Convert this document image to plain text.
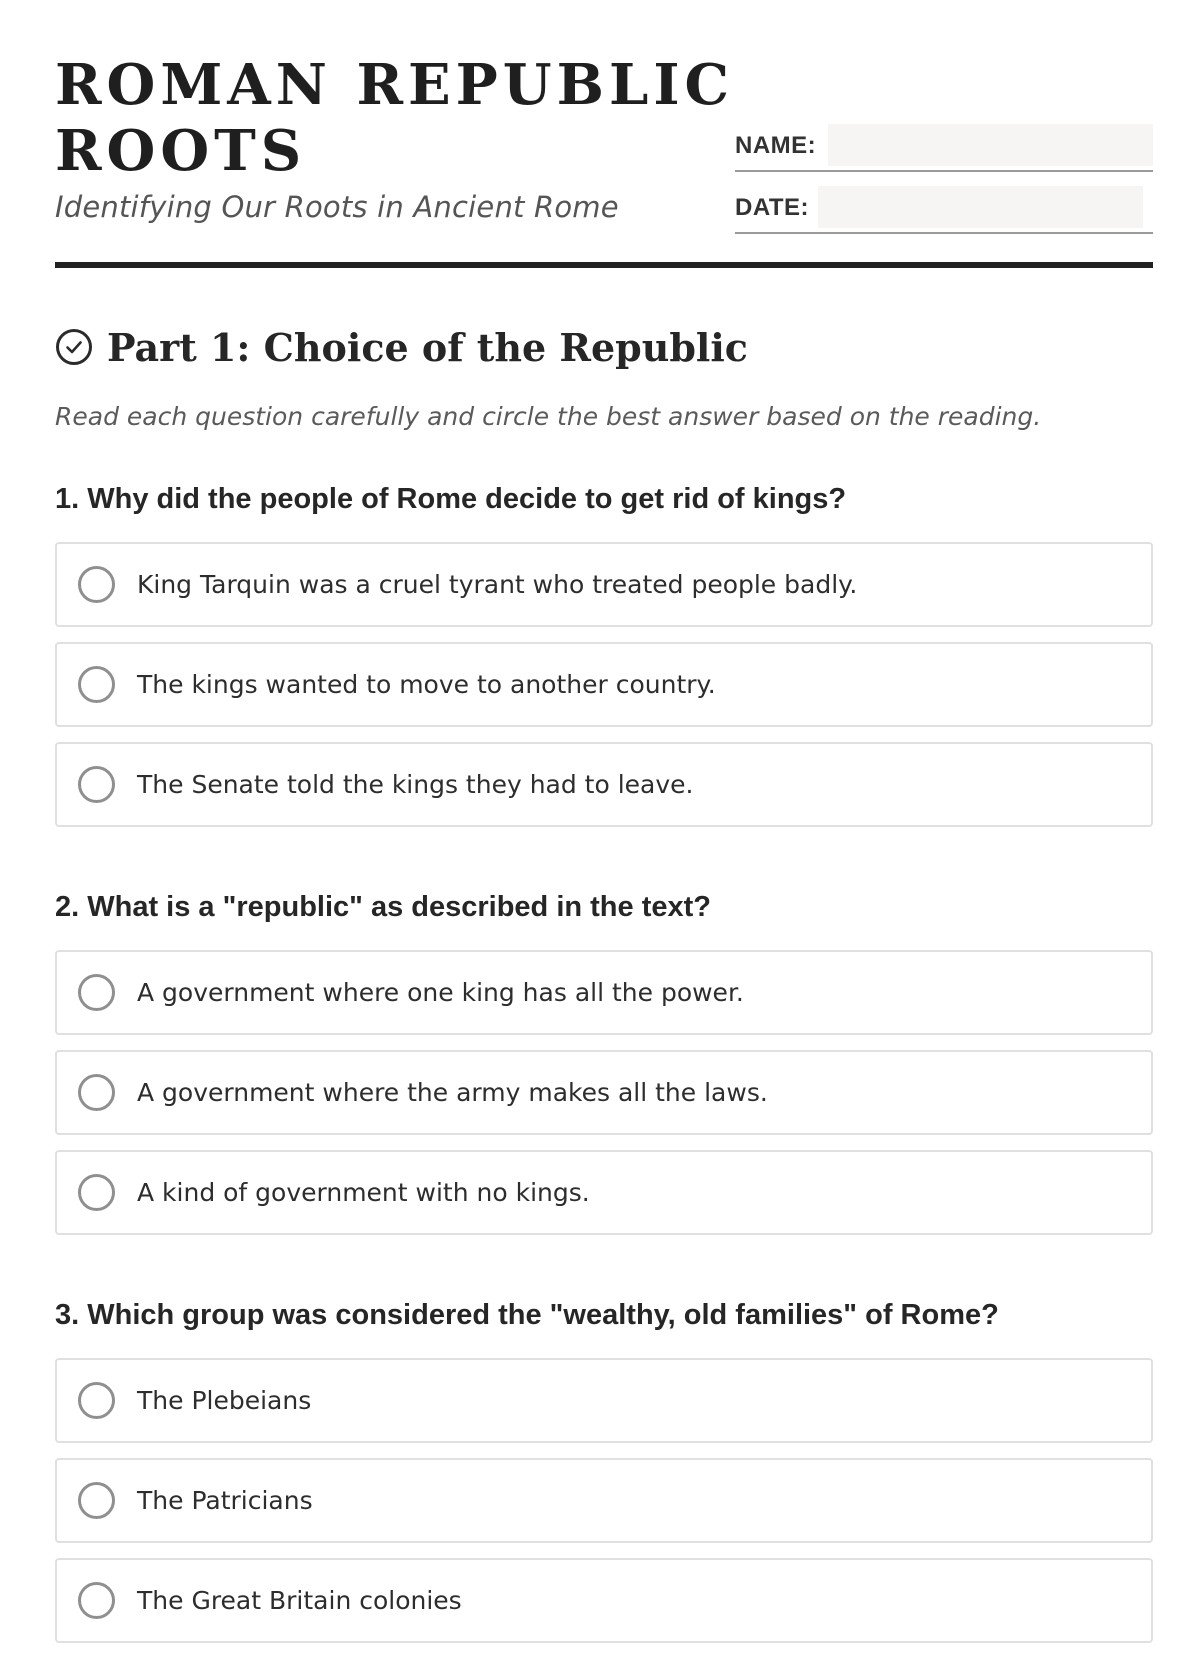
ROMAN REPUBLIC ROOTS

Identifying Our Roots in Ancient Rome

NAME:
DATE:
Part 1: Choice of the Republic

Read each question carefully and circle the best answer based on the reading.

1. Why did the people of Rome decide to get rid of kings?

King Tarquin was a cruel tyrant who treated people badly.
The kings wanted to move to another country.
The Senate told the kings they had to leave.

2. What is a "republic" as described in the text?

A government where one king has all the power.
A government where the army makes all the laws.
A kind of government with no kings.

3. Which group was considered the "wealthy, old families" of Rome?

The Plebeians
The Patricians
The Great Britain colonies
